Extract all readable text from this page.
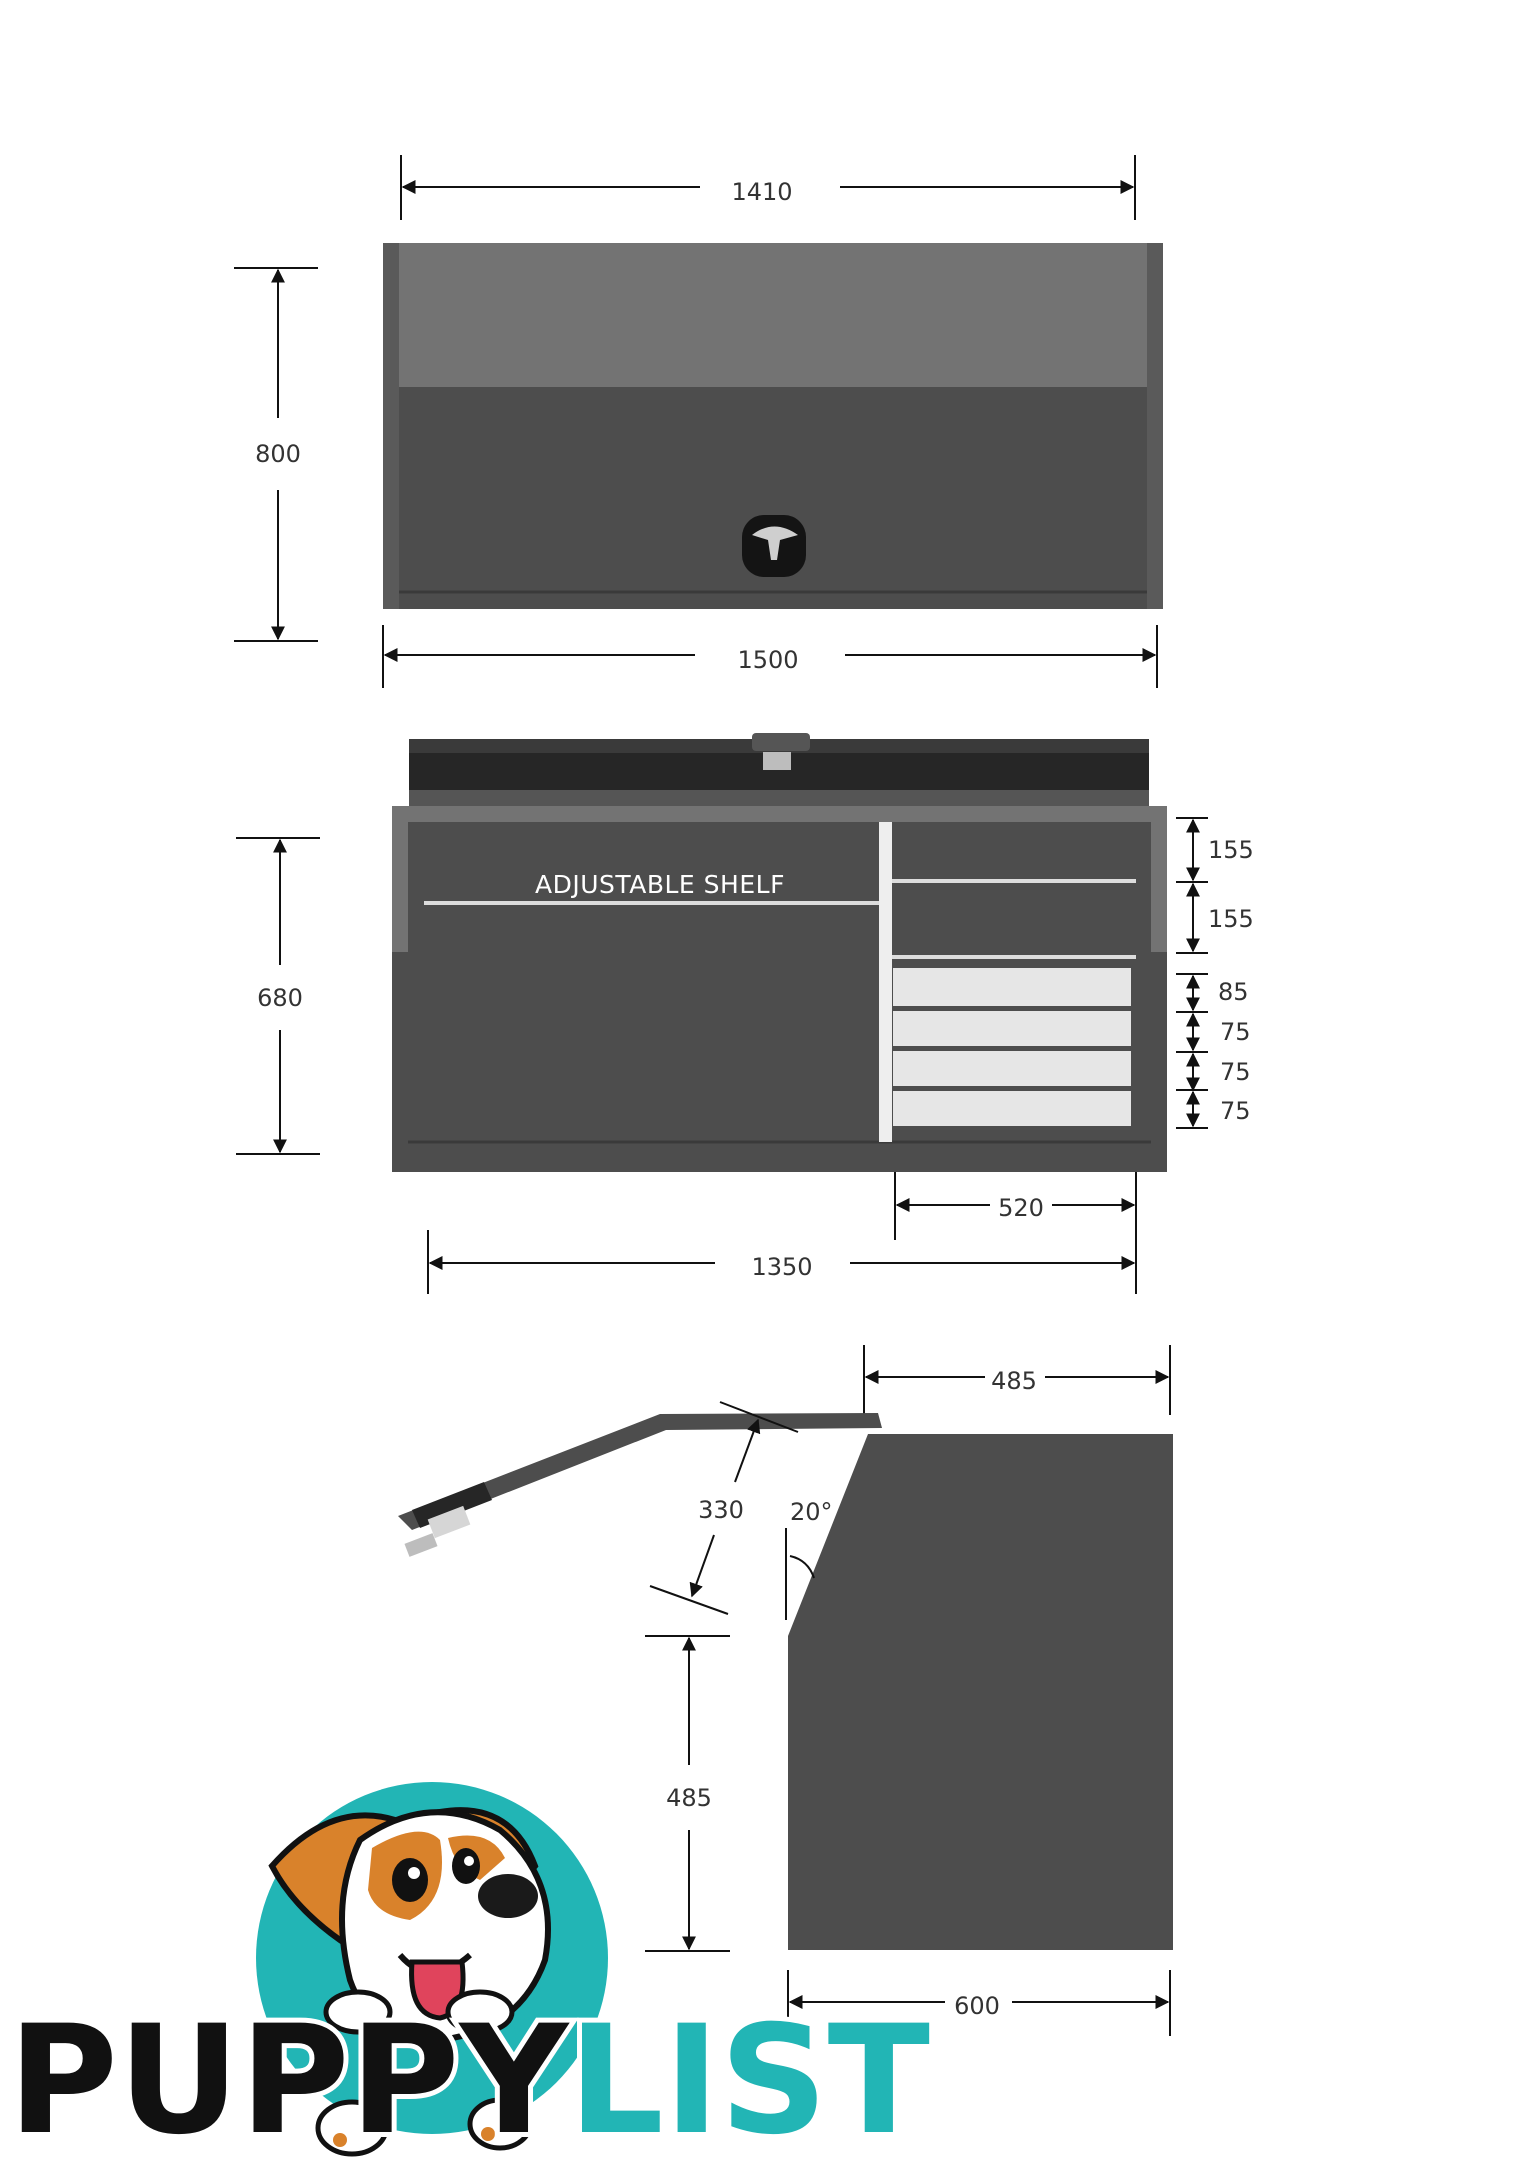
1410
800
1500
ADJUSTABLE SHELF
680
155
155
85
75
75
75
520
1350
485
330 20°
485
600
PUPPYLIST
